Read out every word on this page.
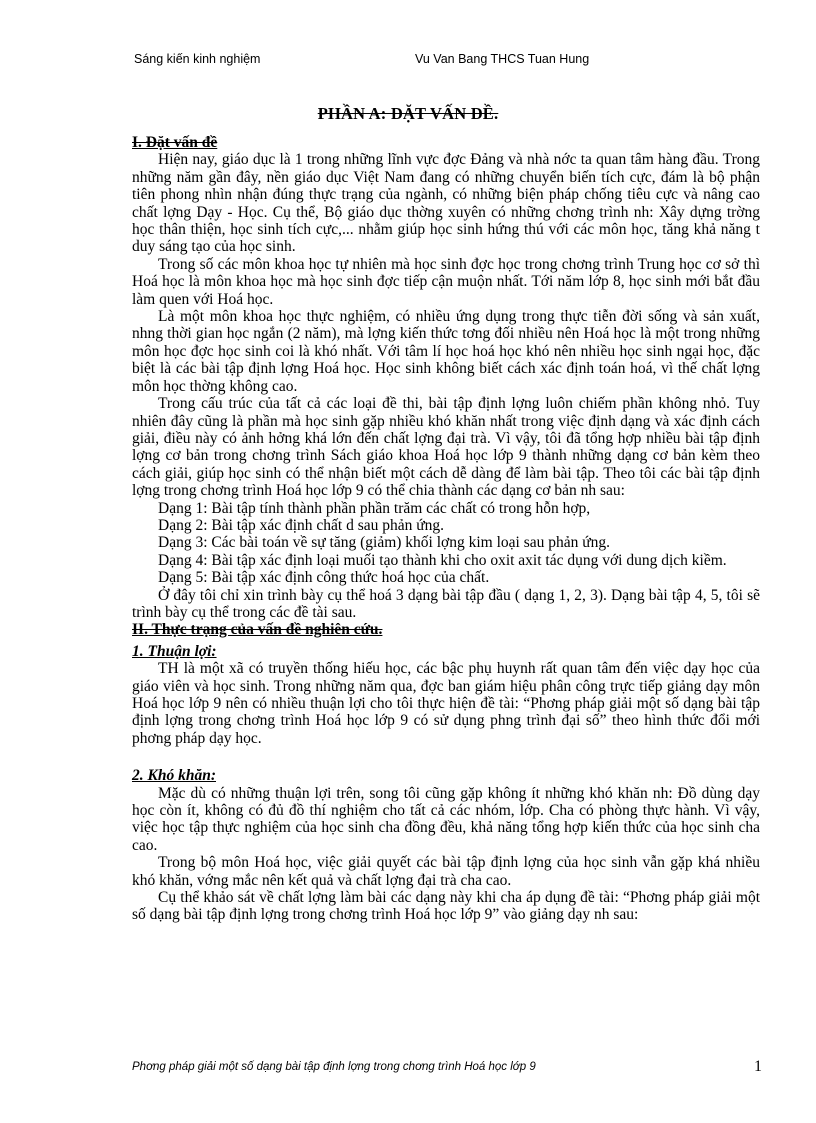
Sáng kiến kinh nghiệm	Vu Van Bang THCS Tuan Hung
PHẦN A: ĐẶT VẤN ĐỀ.

I. Đặt vấn đề

Hiện nay, giáo dục là 1 trong những lĩnh vực đợc Đảng và nhà nớc ta quan tâm hàng đầu. Trong những năm gần đây, nền giáo dục Việt Nam đang có những chuyển biến tích cực, đám là bộ phận tiên phong nhìn nhận đúng thực trạng của ngành, có những biện pháp chống tiêu cực và nâng cao chất lợng Dạy - Học. Cụ thể, Bộ giáo dục thờng xuyên có những chơng trình nh: Xây dựng trờng học thân thiện, học sinh tích cực,... nhằm giúp học sinh hứng thú với các môn học, tăng khả năng t duy sáng tạo của học sinh.

Trong số các môn khoa học tự nhiên mà học sinh đợc học trong chơng trình Trung học cơ sở thì Hoá học là môn khoa học mà học sinh đợc tiếp cận muộn nhất. Tới năm lớp 8, học sinh mới bắt đầu làm quen với Hoá học.

Là một môn khoa học thực nghiệm, có nhiều ứng dụng trong thực tiễn đời sống và sản xuất, nhng thời gian học ngắn (2 năm), mà lợng kiến thức tơng đối nhiều nên Hoá học là một trong những môn học đợc học sinh coi là khó nhất. Với tâm lí học hoá học khó nên nhiều học sinh ngại học, đặc biệt là các bài tập định lợng Hoá học. Học sinh không biết cách xác định toán hoá, vì thế chất lợng môn học thờng không cao.

Trong cấu trúc của tất cả các loại đề thi, bài tập định lợng luôn chiếm phần không nhỏ. Tuy nhiên đây cũng là phần mà học sinh gặp nhiều khó khăn nhất trong việc định dạng và xác định cách giải, điều này có ảnh hởng khá lớn đến chất lợng đại trà. Vì vậy, tôi đã tổng hợp nhiều bài tập định lợng cơ bản trong chơng trình Sách giáo khoa Hoá học lớp 9 thành những dạng cơ bản kèm theo cách giải, giúp học sinh có thể nhận biết một cách dễ dàng để làm bài tập. Theo tôi các bài tập định lợng trong chơng trình Hoá học lớp 9 có thể chia thành các dạng cơ bản nh sau:

Dạng 1: Bài tập tính thành phần phần trăm các chất có trong hỗn hợp,

Dạng 2: Bài tập xác định chất d sau phản ứng.

Dạng 3: Các bài toán về sự tăng (giảm) khối lợng kim loại sau phản ứng.

Dạng 4: Bài tập xác định loại muối tạo thành khi cho oxit axit tác dụng với dung dịch kiềm.

Dạng 5: Bài tập xác định công thức hoá học của chất.

Ở đây tôi chỉ xin trình bày cụ thể hoá 3 dạng bài tập đầu ( dạng 1, 2, 3). Dạng bài tập 4, 5, tôi sẽ trình bày cụ thể trong các đề tài sau.

II. Thực trạng của vấn đề nghiên cứu.

1. Thuận lợi:

TH là một xã có truyền thống hiếu học, các bậc phụ huynh rất quan tâm đến việc dạy học của giáo viên và học sinh. Trong những năm qua, đợc ban giám hiệu phân công trực tiếp giảng dạy môn Hoá học lớp 9 nên có nhiều thuận lợi cho tôi thực hiện đề tài: “Phơng pháp giải một số dạng bài tập định lợng trong chơng trình Hoá học lớp 9 có sử dụng phng trình đại số” theo hình thức đổi mới phơng pháp dạy học.

2. Khó khăn:

Mặc dù có những thuận lợi trên, song tôi cũng gặp không ít những khó khăn nh: Đồ dùng dạy học còn ít, không có đủ đồ thí nghiệm cho tất cả các nhóm, lớp. Cha có phòng thực hành. Vì vậy, việc học tập thực nghiệm của học sinh cha đồng đều, khả năng tổng hợp kiến thức của học sinh cha cao.

Trong bộ môn Hoá học, việc giải quyết các bài tập định lợng của học sinh vẫn gặp khá nhiều khó khăn, vớng mắc nên kết quả và chất lợng đại trà cha cao.

Cụ thể khảo sát về chất lợng làm bài các dạng này khi cha áp dụng đề tài: “Phơng pháp giải một số dạng bài tập định lợng trong chơng trình Hoá học lớp 9” vào giảng dạy nh sau:

Phơng pháp giải một số dạng bài tập định lợng trong chơng trình Hoá học lớp 9	1
